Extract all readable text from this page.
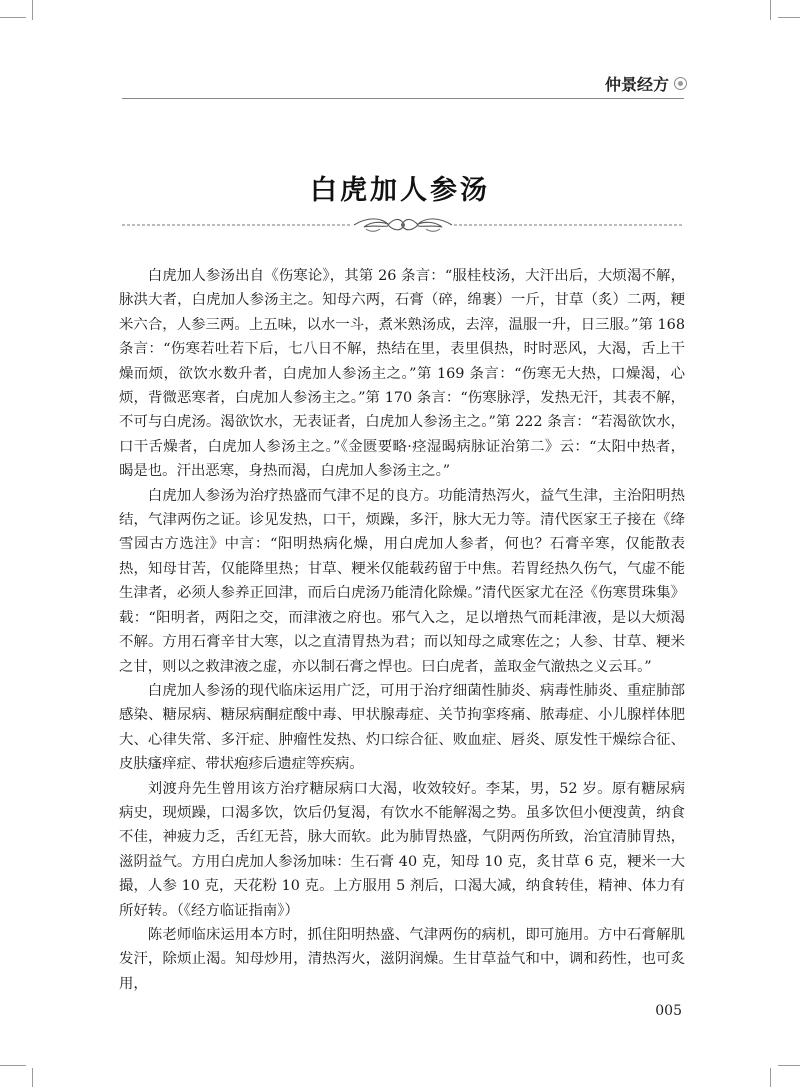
仲景经方
白虎加人参汤

白虎加人参汤出自《伤寒论》，其第 26 条言：“服桂枝汤，大汗出后，大烦渴不解，脉洪大者，白虎加人参汤主之。知母六两，石膏（碎，绵裹）一斤，甘草（炙）二两，粳米六合，人参三两。上五味，以水一斗，煮米熟汤成，去滓，温服一升，日三服。”第 168 条言：“伤寒若吐若下后，七八日不解，热结在里，表里俱热，时时恶风，大渴，舌上干燥而烦，欲饮水数升者，白虎加人参汤主之。”第 169 条言：“伤寒无大热，口燥渴，心烦，背微恶寒者，白虎加人参汤主之。”第 170 条言：“伤寒脉浮，发热无汗，其表不解，不可与白虎汤。渴欲饮水，无表证者，白虎加人参汤主之。”第 222 条言：“若渴欲饮水，口干舌燥者，白虎加人参汤主之。”《金匮要略·痉湿暍病脉证治第二》云：“太阳中热者，暍是也。汗出恶寒，身热而渴，白虎加人参汤主之。”

白虎加人参汤为治疗热盛而气津不足的良方。功能清热泻火，益气生津，主治阳明热结，气津两伤之证。诊见发热，口干，烦躁，多汗，脉大无力等。清代医家王子接在《绛雪园古方选注》中言：“阳明热病化燥，用白虎加人参者，何也？石膏辛寒，仅能散表热，知母甘苦，仅能降里热；甘草、粳米仅能载药留于中焦。若胃经热久伤气，气虚不能生津者，必须人参养正回津，而后白虎汤乃能清化除燥。”清代医家尤在泾《伤寒贯珠集》载：“阳明者，两阳之交，而津液之府也。邪气入之，足以增热气而耗津液，是以大烦渴不解。方用石膏辛甘大寒，以之直清胃热为君；而以知母之咸寒佐之；人参、甘草、粳米之甘，则以之救津液之虚，亦以制石膏之悍也。曰白虎者，盖取金气澈热之义云耳。”

白虎加人参汤的现代临床运用广泛，可用于治疗细菌性肺炎、病毒性肺炎、重症肺部感染、糖尿病、糖尿病酮症酸中毒、甲状腺毒症、关节拘挛疼痛、脓毒症、小儿腺样体肥大、心律失常、多汗症、肿瘤性发热、灼口综合征、败血症、唇炎、原发性干燥综合征、皮肤瘙痒症、带状疱疹后遗症等疾病。

刘渡舟先生曾用该方治疗糖尿病口大渴，收效较好。李某，男，52 岁。原有糖尿病病史，现烦躁，口渴多饮，饮后仍复渴，有饮水不能解渴之势。虽多饮但小便溲黄，纳食不佳，神疲力乏，舌红无苔，脉大而软。此为肺胃热盛，气阴两伤所致，治宜清肺胃热，滋阴益气。方用白虎加人参汤加味：生石膏 40 克，知母 10 克，炙甘草 6 克，粳米一大撮，人参 10 克，天花粉 10 克。上方服用 5 剂后，口渴大减，纳食转佳，精神、体力有所好转。（《经方临证指南》）

陈老师临床运用本方时，抓住阳明热盛、气津两伤的病机，即可施用。方中石膏解肌发汗，除烦止渴。知母炒用，清热泻火，滋阴润燥。生甘草益气和中，调和药性，也可炙用，

005
